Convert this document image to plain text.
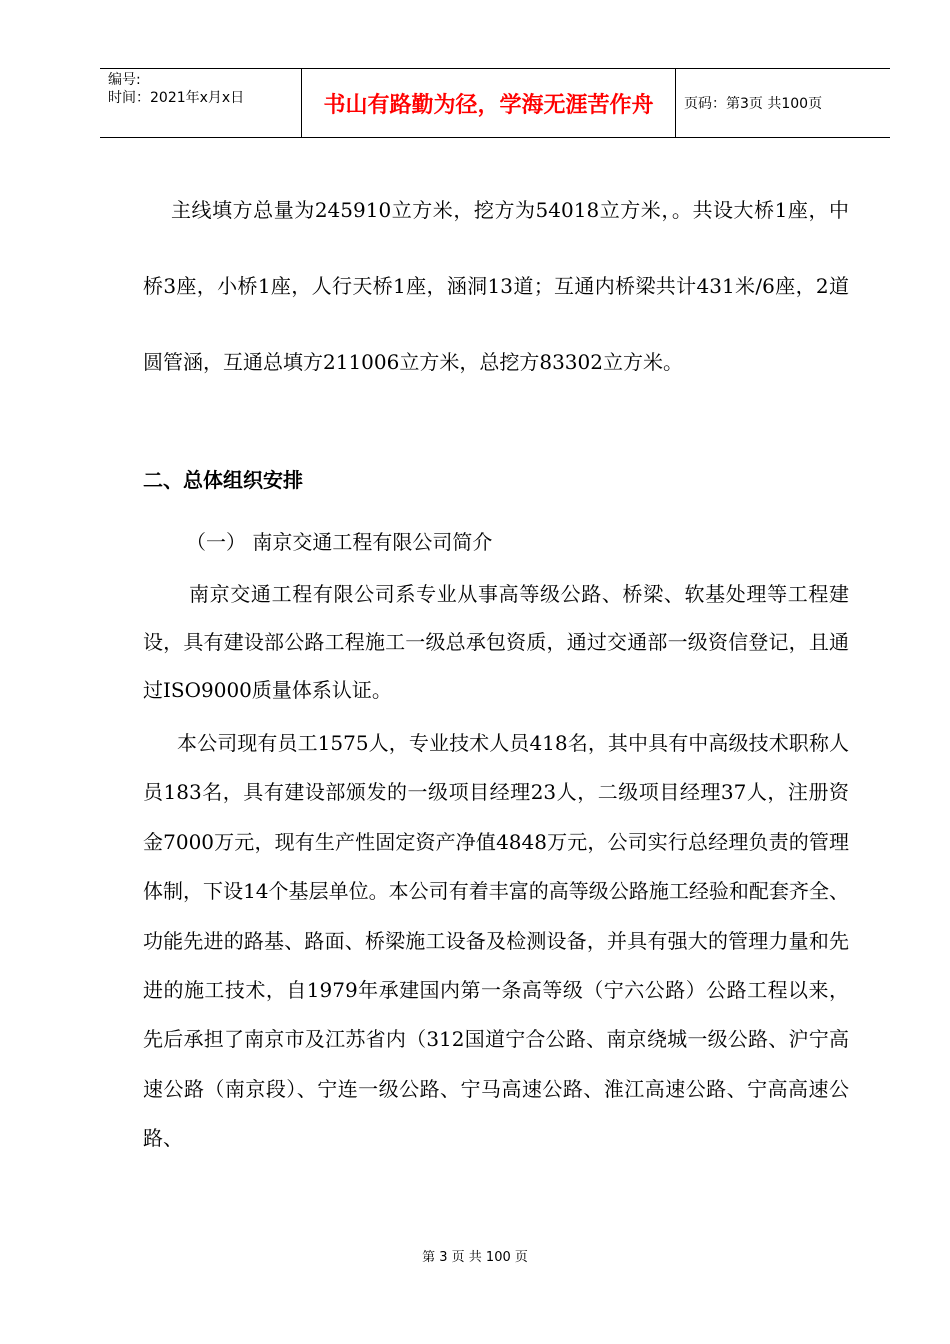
编号:
时间：2021年x月x日	书山有路勤为径，学海无涯苦作舟	页码：第3页 共100页

主线填方总量为245910立方米，挖方为54018立方米，。共设大桥1座，中桥3座，小桥1座，人行天桥1座，涵洞13道；互通内桥梁共计431米/6座，2道圆管涵，互通总填方211006立方米，总挖方83302立方米。

二、总体组织安排

（一） 南京交通工程有限公司简介

南京交通工程有限公司系专业从事高等级公路、桥梁、软基处理等工程建设，具有建设部公路工程施工一级总承包资质，通过交通部一级资信登记，且通过ISO9000质量体系认证。

本公司现有员工1575人，专业技术人员418名，其中具有中高级技术职称人员183名，具有建设部颁发的一级项目经理23人，二级项目经理37人，注册资金7000万元，现有生产性固定资产净值4848万元，公司实行总经理负责的管理体制，下设14个基层单位。本公司有着丰富的高等级公路施工经验和配套齐全、功能先进的路基、路面、桥梁施工设备及检测设备，并具有强大的管理力量和先进的施工技术，自1979年承建国内第一条高等级（宁六公路）公路工程以来，先后承担了南京市及江苏省内（312国道宁合公路、南京绕城一级公路、沪宁高速公路（南京段）、宁连一级公路、宁马高速公路、淮江高速公路、宁高高速公路、

第 3 页 共 100 页
